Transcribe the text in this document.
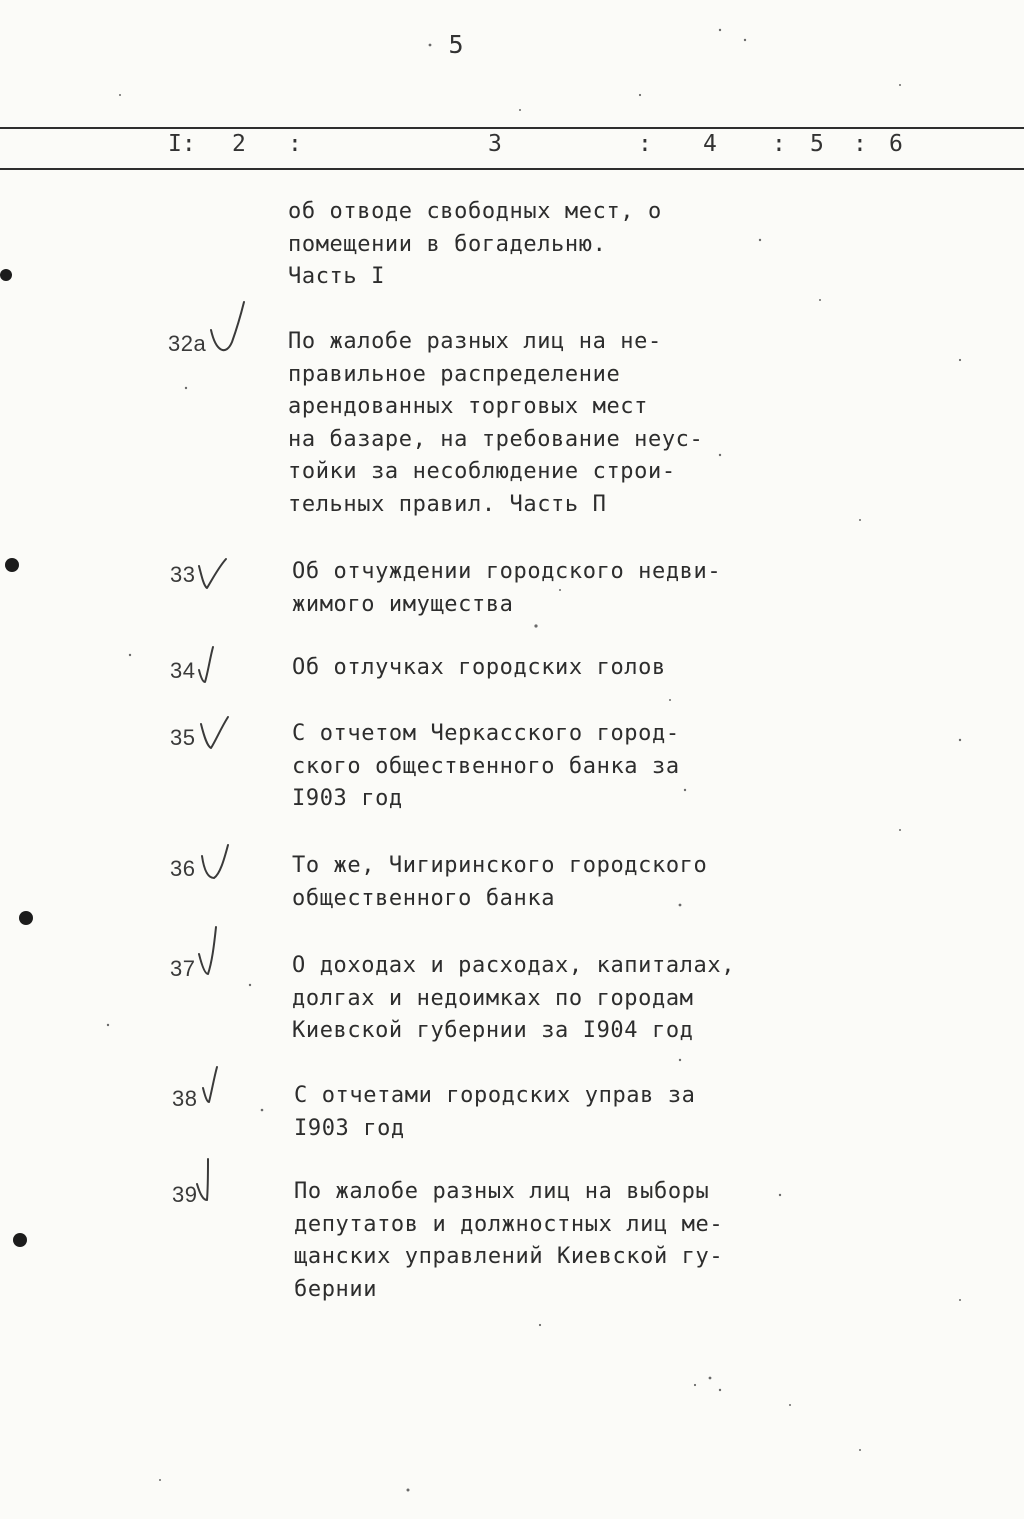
5
I: 2 :	3	: 4 : 5 : 6
об отводе свободных мест, о
помещении в богадельню.
Часть I
32а	По жалобе разных лиц на не-
правильное распределение
арендованных торговых мест
на базаре, на требование неус-
тойки за несоблюдение строи-
тельных правил. Часть П
33	Об отчуждении городского недви-
жимого имущества
34	Об отлучках городских голов
35	С отчетом Черкасского город-
ского общественного банка за
I903 год
36	То же, Чигиринского городского
общественного банка
37	О доходах и расходах, капиталах,
долгах и недоимках по городам
Киевской губернии за I904 год
38	С отчетами городских управ за
I903 год
39	По жалобе разных лиц на выборы
депутатов и должностных лиц ме-
щанских управлений Киевской гу-
бернии
